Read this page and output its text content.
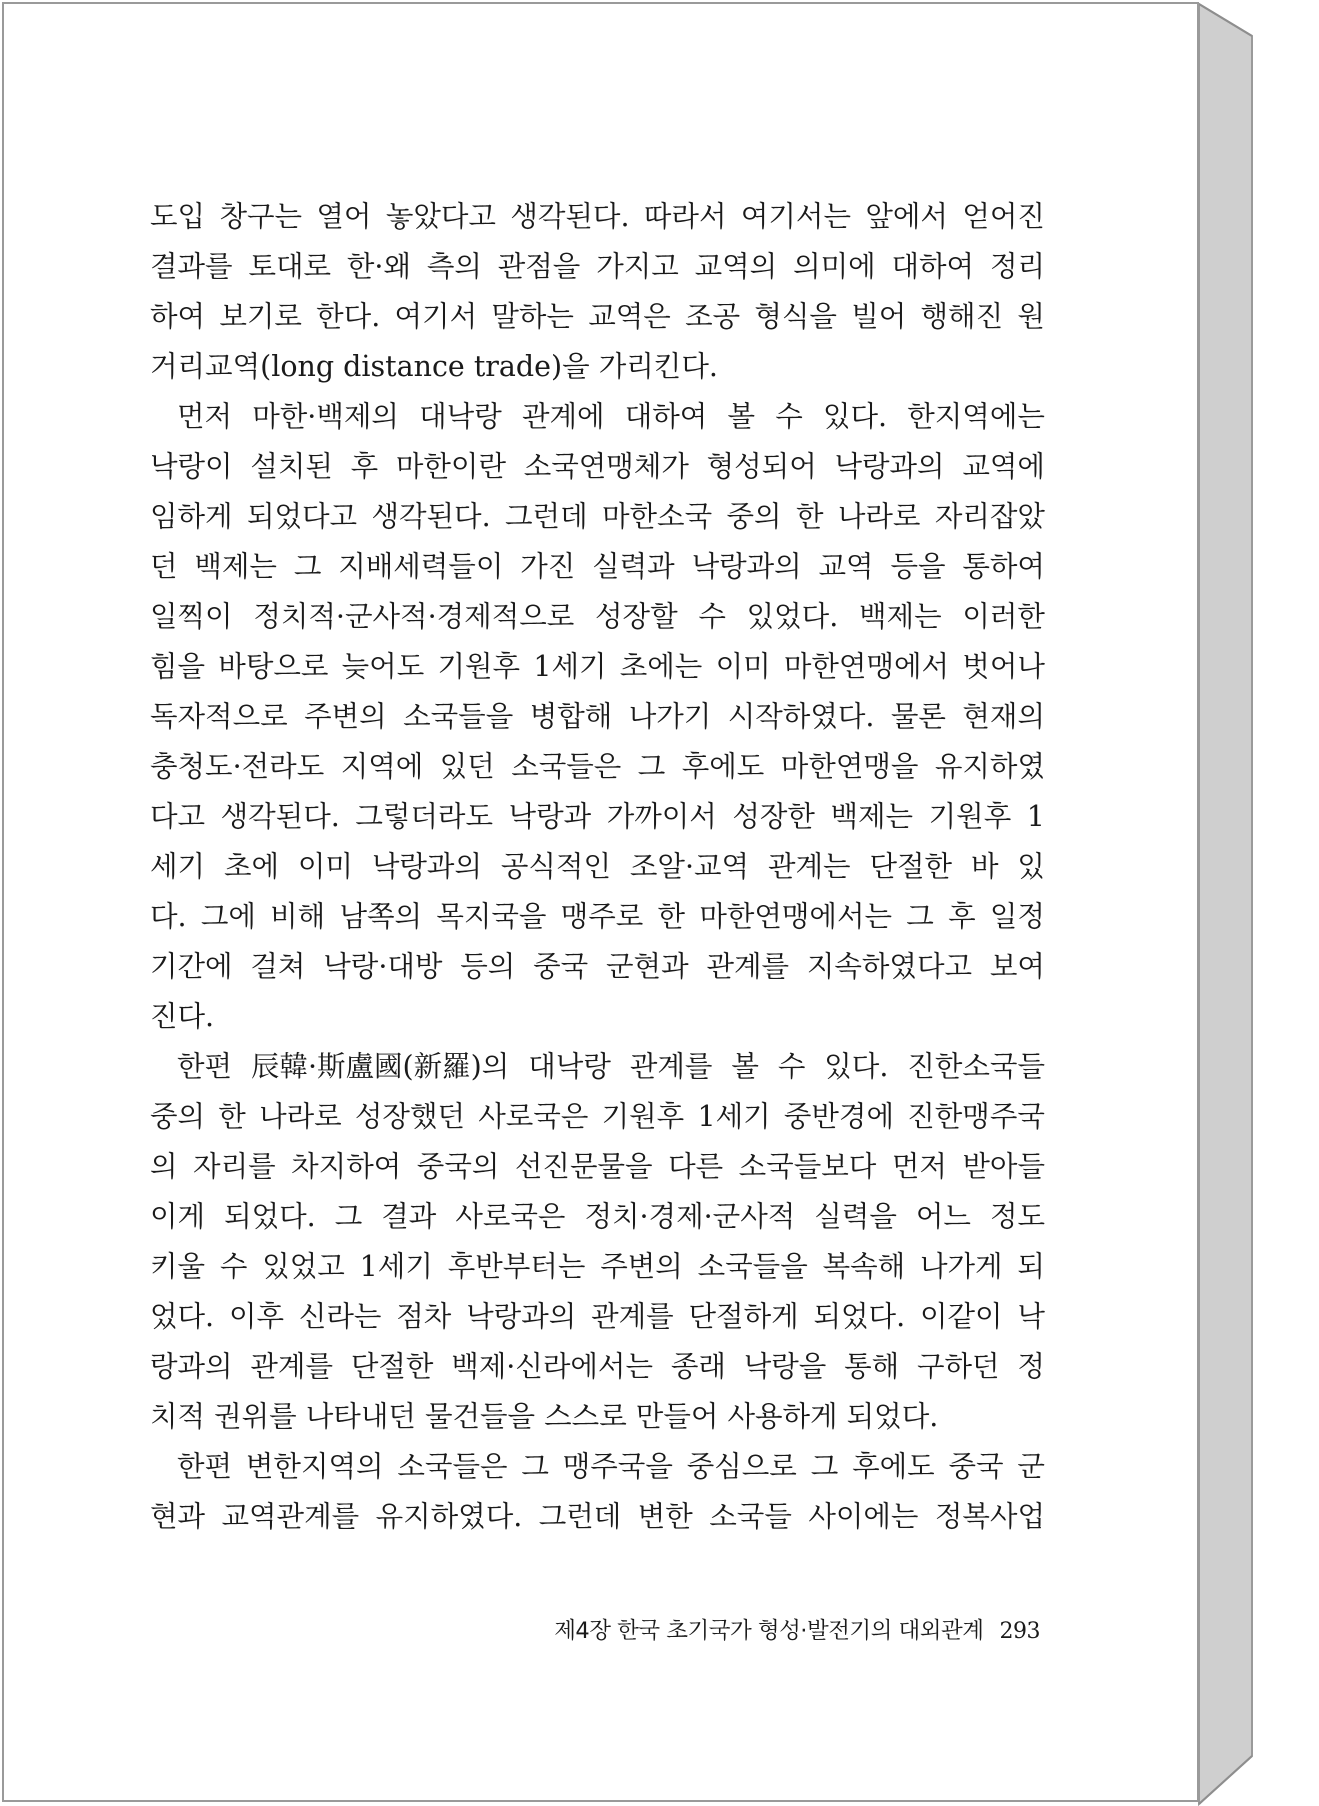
도입 창구는 열어 놓았다고 생각된다. 따라서 여기서는 앞에서 얻어진
결과를 토대로 한·왜 측의 관점을 가지고 교역의 의미에 대하여 정리
하여 보기로 한다. 여기서 말하는 교역은 조공 형식을 빌어 행해진 원
거리교역(long distance trade)을 가리킨다.
먼저 마한·백제의 대낙랑 관계에 대하여 볼 수 있다. 한지역에는
낙랑이 설치된 후 마한이란 소국연맹체가 형성되어 낙랑과의 교역에
임하게 되었다고 생각된다. 그런데 마한소국 중의 한 나라로 자리잡았
던 백제는 그 지배세력들이 가진 실력과 낙랑과의 교역 등을 통하여
일찍이 정치적·군사적·경제적으로 성장할 수 있었다. 백제는 이러한
힘을 바탕으로 늦어도 기원후 1세기 초에는 이미 마한연맹에서 벗어나
독자적으로 주변의 소국들을 병합해 나가기 시작하였다. 물론 현재의
충청도·전라도 지역에 있던 소국들은 그 후에도 마한연맹을 유지하였
다고 생각된다. 그렇더라도 낙랑과 가까이서 성장한 백제는 기원후 1
세기 초에 이미 낙랑과의 공식적인 조알·교역 관계는 단절한 바 있
다. 그에 비해 남쪽의 목지국을 맹주로 한 마한연맹에서는 그 후 일정
기간에 걸쳐 낙랑·대방 등의 중국 군현과 관계를 지속하였다고 보여
진다.
한편 辰韓·斯盧國(新羅)의 대낙랑 관계를 볼 수 있다. 진한소국들
중의 한 나라로 성장했던 사로국은 기원후 1세기 중반경에 진한맹주국
의 자리를 차지하여 중국의 선진문물을 다른 소국들보다 먼저 받아들
이게 되었다. 그 결과 사로국은 정치·경제·군사적 실력을 어느 정도
키울 수 있었고 1세기 후반부터는 주변의 소국들을 복속해 나가게 되
었다. 이후 신라는 점차 낙랑과의 관계를 단절하게 되었다. 이같이 낙
랑과의 관계를 단절한 백제·신라에서는 종래 낙랑을 통해 구하던 정
치적 권위를 나타내던 물건들을 스스로 만들어 사용하게 되었다.
한편 변한지역의 소국들은 그 맹주국을 중심으로 그 후에도 중국 군
현과 교역관계를 유지하였다. 그런데 변한 소국들 사이에는 정복사업
제4장 한국 초기국가 형성·발전기의 대외관계 293
